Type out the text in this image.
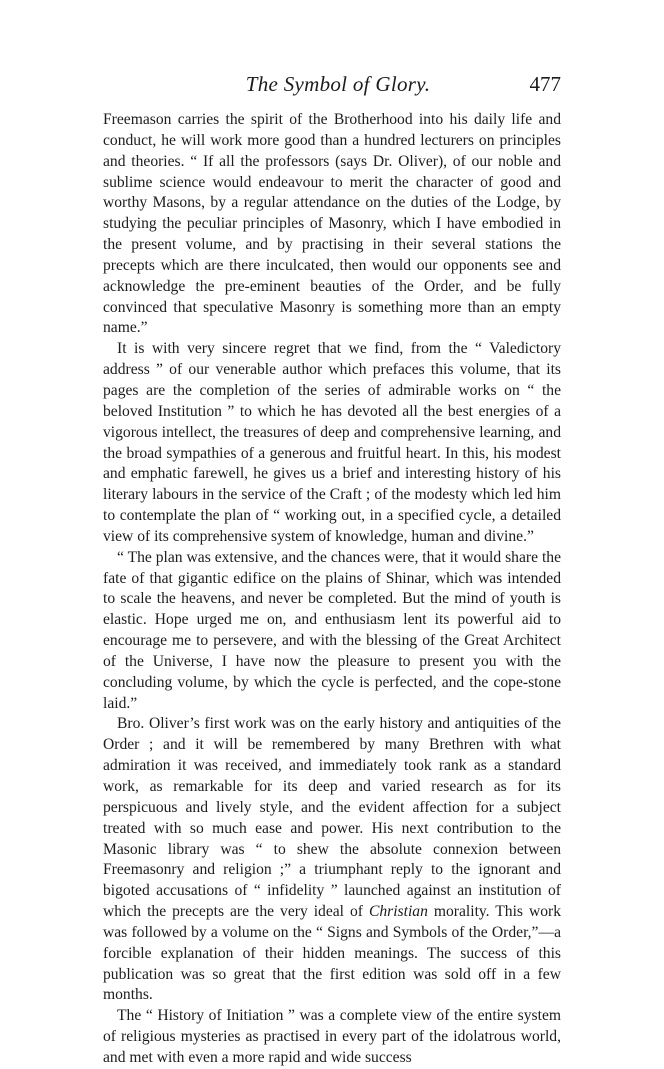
The Symbol of Glory.	477

Freemason carries the spirit of the Brotherhood into his daily life and conduct, he will work more good than a hundred lecturers on principles and theories. “ If all the professors (says Dr. Oliver), of our noble and sublime science would endeavour to merit the character of good and worthy Masons, by a regular attendance on the duties of the Lodge, by studying the peculiar principles of Masonry, which I have embodied in the present volume, and by practising in their several stations the precepts which are there inculcated, then would our opponents see and acknowledge the pre-eminent beauties of the Order, and be fully convinced that speculative Masonry is something more than an empty name.”

It is with very sincere regret that we find, from the “ Valedictory address ” of our venerable author which prefaces this volume, that its pages are the completion of the series of admirable works on “ the beloved Institution ” to which he has devoted all the best energies of a vigorous intellect, the treasures of deep and comprehensive learning, and the broad sympathies of a generous and fruitful heart. In this, his modest and emphatic farewell, he gives us a brief and interesting history of his literary labours in the service of the Craft ; of the modesty which led him to contemplate the plan of “ working out, in a specified cycle, a detailed view of its comprehensive system of knowledge, human and divine.”

“ The plan was extensive, and the chances were, that it would share the fate of that gigantic edifice on the plains of Shinar, which was intended to scale the heavens, and never be completed. But the mind of youth is elastic. Hope urged me on, and enthusiasm lent its powerful aid to encourage me to persevere, and with the blessing of the Great Architect of the Universe, I have now the pleasure to present you with the concluding volume, by which the cycle is perfected, and the cope-stone laid.”

Bro. Oliver’s first work was on the early history and antiquities of the Order ; and it will be remembered by many Brethren with what admiration it was received, and immediately took rank as a standard work, as remarkable for its deep and varied research as for its perspicuous and lively style, and the evident affection for a subject treated with so much ease and power. His next contribution to the Masonic library was “ to shew the absolute connexion between Freemasonry and religion ;” a triumphant reply to the ignorant and bigoted accusations of “ infidelity ” launched against an institution of which the precepts are the very ideal of Christian morality. This work was followed by a volume on the “ Signs and Symbols of the Order,”—a forcible explanation of their hidden meanings. The success of this publication was so great that the first edition was sold off in a few months.

The “ History of Initiation ” was a complete view of the entire system of religious mysteries as practised in every part of the idolatrous world, and met with even a more rapid and wide success
